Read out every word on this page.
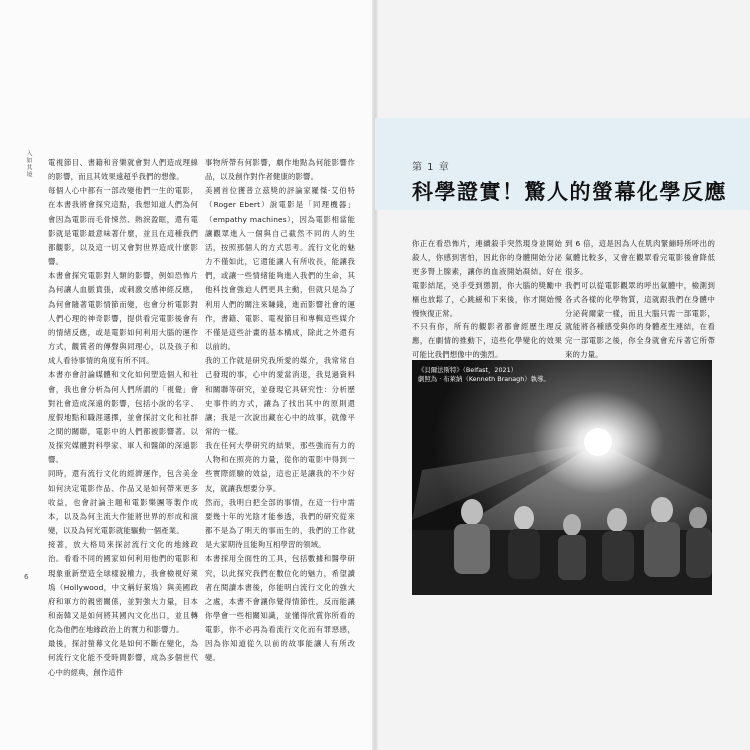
入如其境
6

電視節目、書籍和音樂就會對人們造成理線的影響，而且其效果遠超乎我們的想像。

每個人心中都有一部改變他們一生的電影，在本書我將會探究這點，我想知道人們為何會因為電影而毛骨悚然、熱淚盈眶，還有電影就是電影最意味著什麼，並且在這種我們都觀影，以及這一切又會對世界造成什麼影響。

本書會探究電影對人類的影響，例如恐怖片為何讓人血脈賁張，或刺激交感神經反應，為何會隨著電影情節而變，也會分析電影對人們心理的神奇影響，提供看完電影後會有的情緒反應，或是電影如何利用大腦的運作方式，觀賞者的傳聲與同理心，以及孩子和成人看待事情的角度有所不同。

本書亦會討論媒體和文化如何塑造個人和社會，我也會分析為何人們所謂的「視覺」會對社會造成深遠的影響，包括小說的名字、度假地點和職涯選擇，並會探討文化和社群之間的關聯，電影中的人們都被影響著。以及探究媒體對科學家、軍人和醫師的深遠影響。

同時，還有流行文化的經濟運作，包含美金如何決定電影作品、作品又是如何帶來更多收益，也會討論主題和電影樂團等製作成本，以及為何主流大作能將世界的形成和演變，以及為何光電影就能驅動一個產業。

接著，放大格局來探討流行文化的地緣政治。看看不同的國家如何利用他們的電影和現象重新塑造全球樣貌權力，我會檢視好萊塢（Hollywood，中文稱好萊塢）與美國政府和軍方的親密關係，並對強大力量，目本和南韓又是如何將其國內文化出口，並且轉化為他們在地緣政治上的實力和影響力。

最後，探討螢幕文化是如何不斷在變化，為何流行文化能不受時間影響，成為多個世代心中的經典，創作這件

事物所帶有何影響，劇作地點為何能影響作品，以及創作對作者健康的影響。

美國首位獲普立茲獎的評論家羅傑·艾伯特（Roger Ebert）說電影是「同理機器」（empathy machines），因為電影相當能讓觀眾進入一個與自己截然不同的人的生活，按照那個人的方式思考。流行文化的魅力不僅如此，它還能讓人有所收長，能讓我們，或讓一些情緒能夠進入我們的生命，其他科技會強迫人們更具主動，但就只是為了利用人們的關注來賺錢，進而影響社會的運作，書籍、電影、電視節目和專輯這些媒介不僅是這些計畫的基本構成，除此之外還有以前的。

我的工作就是研究我所愛的媒介，我常常自己發現的事，心中的愛當消退，我見過資料和關聯等研究，並發現它具研究性：分析歷史事件的方式，讓為了找出其中的原則還讓；我是一次說出藏在心中的故事，就像平常的一樣。

我在任何大學研究的結果，那些強而有力的人物和在照亮的力量，從你的電影中得到一些實際經驗的效益，這也正是讓我的不少好友，就讓我想要分享。

然而，我明白把全部的事情，在這一行中需要幾十年的光陰才能參透，我們的研究從來都不是為了明天的事而生的，我們的工作就是大家期待且能夠互相學習的領域。

本書採用全面性的工具，包括數據和醫學研究，以此探究我們在數位化的魅力，希望讀者在閱讀本書後，你能明白流行文化的強大之處，本書不會讓你覺得情節性，反而能讓你學會一些相關知識，並懂得欣賞你所看的電影，你不必再為看流行文化而有罪惡感，因為你知道從久以前的故事能讓人有所改變。

第 1 章
科學證實！驚人的螢幕化學反應

你正在看恐怖片，連續殺手突然現身並開始殺人，你感到害怕，因此你的身體開始分泌更多腎上腺素，讓你的血液開始凝結。好在電影結尾，兇手受到懲罰，你大腦的獎勵中樞也放鬆了，心跳緩和下來後，你才開始慢慢恢復正常。

不只有你，所有的觀影者都會經歷生理反應，在劇情的推動下，這些化學變化的效果可能比我們想像中的強烈。

到 6 倍，這是因為人在肌肉緊繃時所呼出的氣體比較多，又會在觀眾看完電影後會降低很多。

我們可以從電影觀眾的呼出氣體中，檢測到各式各樣的化學物質，這就跟我們在身體中分泌荷爾蒙一樣，而且大腦只需一部電影，就能將各種感受與你的身體產生連結，在看完一部電影之後，你全身就會充斥著它所帶來的力量。

《貝爾法斯特》（Belfast，2021）
劇照為 · 布萊納（Kenneth Branagh）執導。
